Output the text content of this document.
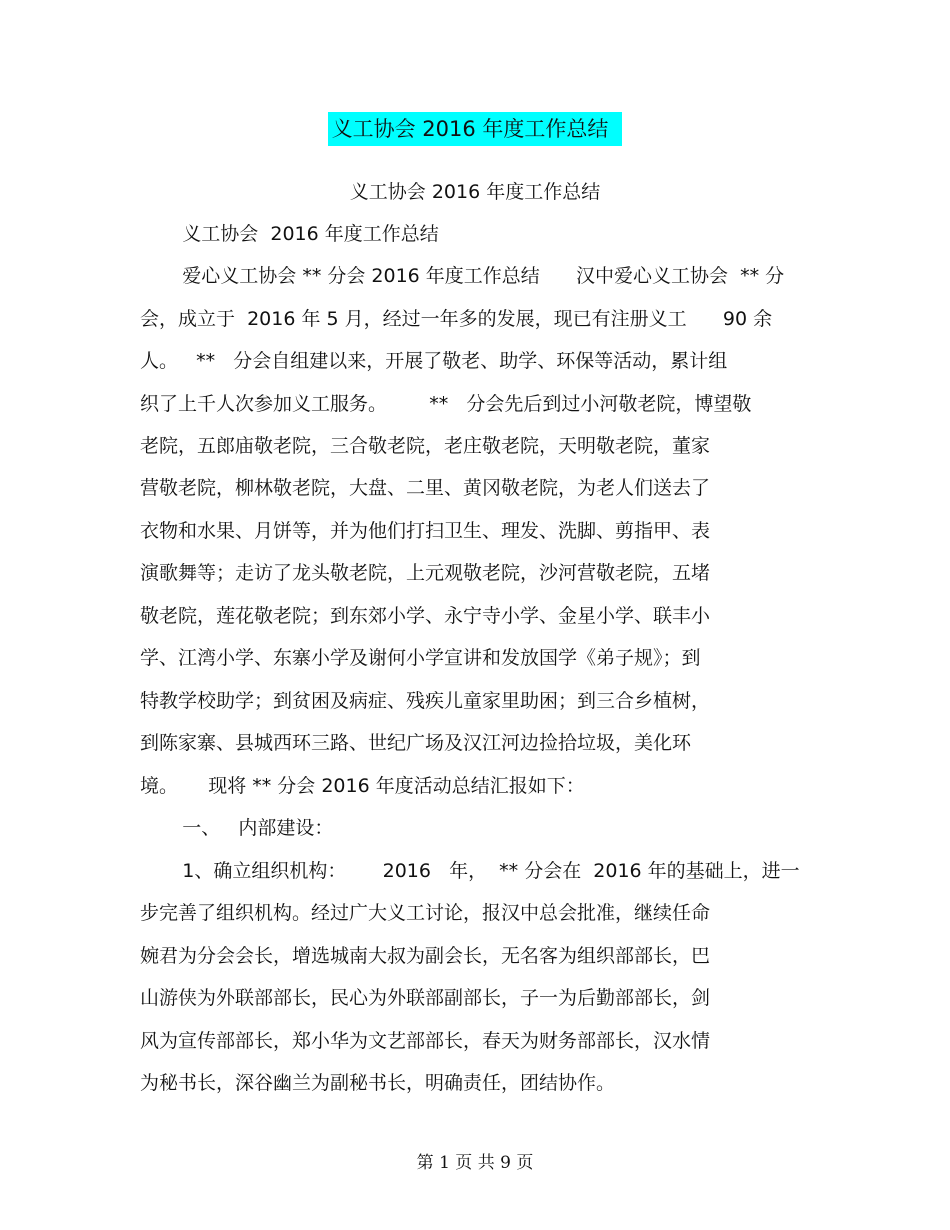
义工协会 2016 年度工作总结
义工协会 2016 年度工作总结
义工协会  2016 年度工作总结
爱心义工协会 ** 分会 2016 年度工作总结      汉中爱心义工协会  ** 分
会，成立于  2016 年 5 月，经过一年多的发展，现已有注册义工      90 余
人。   **   分会自组建以来，开展了敬老、助学、环保等活动，累计组
织了上千人次参加义工服务。       **   分会先后到过小河敬老院，博望敬
老院，五郎庙敬老院，三合敬老院，老庄敬老院，天明敬老院，董家
营敬老院，柳林敬老院，大盘、二里、黄冈敬老院，为老人们送去了
衣物和水果、月饼等，并为他们打扫卫生、理发、洗脚、剪指甲、表
演歌舞等；走访了龙头敬老院，上元观敬老院，沙河营敬老院，五堵
敬老院，莲花敬老院；到东郊小学、永宁寺小学、金星小学、联丰小
学、江湾小学、东寨小学及谢何小学宣讲和发放国学《弟子规》；到
特教学校助学；到贫困及病症、残疾儿童家里助困；到三合乡植树，
到陈家寨、县城西环三路、世纪广场及汉江河边捡拾垃圾，美化环
境。     现将 ** 分会 2016 年度活动总结汇报如下：
一、   内部建设：
1、确立组织机构：      2016   年，  ** 分会在  2016 年的基础上，进一
步完善了组织机构。经过广大义工讨论，报汉中总会批准，继续任命
婉君为分会会长，增选城南大叔为副会长，无名客为组织部部长，巴
山游侠为外联部部长，民心为外联部副部长，子一为后勤部部长，剑
风为宣传部部长，郑小华为文艺部部长，春天为财务部部长，汉水情
为秘书长，深谷幽兰为副秘书长，明确责任，团结协作。
第 1 页 共 9 页
